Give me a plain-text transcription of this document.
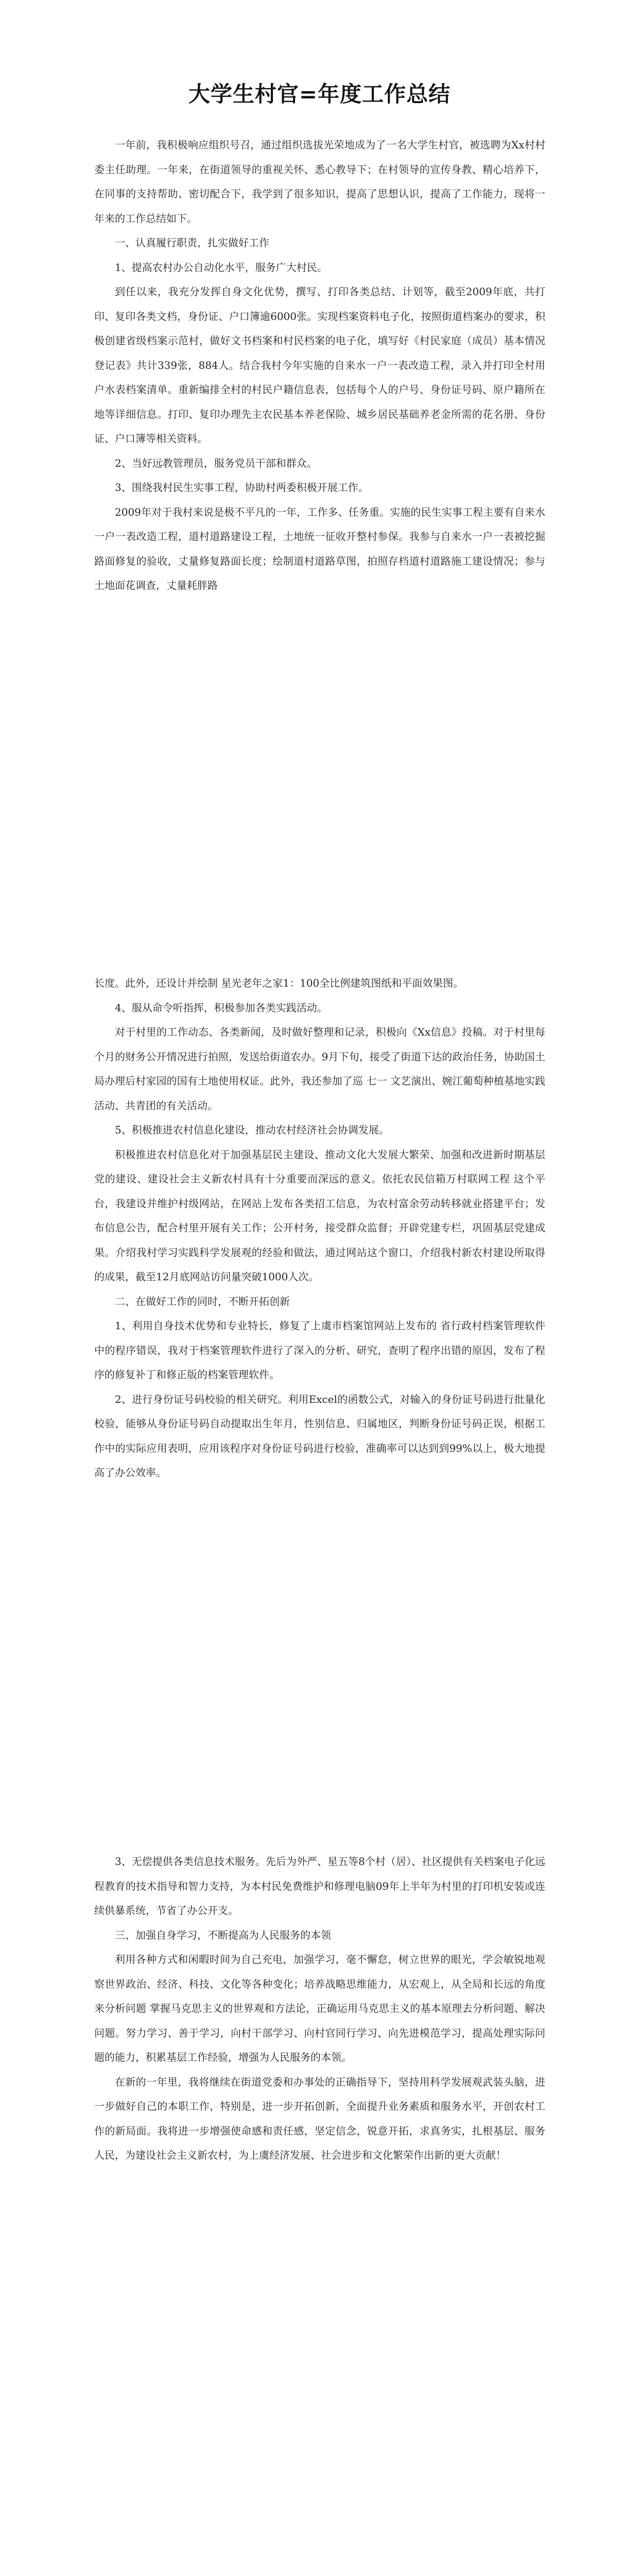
大学生村官=年度工作总结

一年前，我积极响应组织号召，通过组织选拔光荣地成为了一名大学生村官，被选聘为Xx村村委主任助理。一年来，在街道领导的重视关怀、悉心教导下；在村领导的宣传身教、精心培养下，在同事的支持帮助、密切配合下，我学到了很多知识，提高了思想认识，提高了工作能力，现将一年来的工作总结如下。

一、认真履行职责，扎实做好工作

1、提高农村办公自动化水平，服务广大村民。

到任以来，我充分发挥自身文化优势，撰写、打印各类总结、计划等，截至2009年底，共打印、复印各类文档，身份证、户口簿逾6000张。实现档案资料电子化，按照街道档案办的要求，积极创建省级档案示范村，做好文书档案和村民档案的电子化，填写好《村民家庭（成员）基本情况登记表》共计339张，884人。结合我村今年实施的自来水一户一表改造工程，录入并打印全村用户水表档案清单。重新编排全村的村民户籍信息表，包括每个人的户号、身份证号码、原户籍所在地等详细信息。打印、复印办理先主农民基本养老保险、城乡居民基础养老金所需的花名册、身份证、户口簿等相关资料。

2、当好远教管理员，服务党员干部和群众。

3、围绕我村民生实事工程，协助村两委积极开展工作。

2009年对于我村来说是极不平凡的一年，工作多、任务重。实施的民生实事工程主要有自来水一户一表改造工程，道村道路建设工程，土地统一征收开整村参保。我参与自来水一户一表被挖掘路面修复的验收，丈量修复路面长度；绘制道村道路草图，拍照存档道村道路施工建设情况；参与土地面花调查，丈量耗胖路

长度。此外，还设计并绘制 星光老年之家1：100全比例建筑图纸和平面效果图。

4、服从命令听指挥，积极参加各类实践活动。

对于村里的工作动态、各类新闻，及时做好整理和记录，积极向《Xx信息》投稿。对于村里每个月的财务公开情况进行拍照，发送给街道农办。9月下旬，接受了街道下达的政治任务，协助国土局办理后村家园的国有土地使用权证。此外，我还参加了巡 七一 文艺演出、婉江葡萄种植基地实践活动、共青团的有关活动。

5、积极推进农村信息化建设，推动农村经济社会协调发展。

积极推进农村信息化对于加强基层民主建设、推动文化大发展大繁荣、加强和改进新时期基层党的建设、建设社会主义新农村具有十分重要而深远的意义。依托农民信箱万村联网工程 这个平台，我建设并维护村级网站，在网站上发布各类招工信息，为农村富余劳动转移就业搭建平台；发布信息公告，配合村里开展有关工作；公开村务，接受群众监督；开辟党建专栏，巩固基层党建成果。介绍我村学习实践科学发展观的经验和做法，通过网站这个窗口，介绍我村新农村建设所取得的成果，截至12月底网站访问量突破1000人次。

二、在做好工作的同时，不断开拓创新

1、利用自身技术优势和专业特长，修复了上虞市档案馆网站上发布的 省行政村档案管理软件 中的程序错误，我对于档案管理软件进行了深入的分析、研究，查明了程序出错的原因，发布了程序的修复补丁和修正版的档案管理软件。

2、进行身份证号码校验的相关研究。利用Excel的函数公式，对输入的身份证号码进行批量化校验，能够从身份证号码自动提取出生年月，性别信息、归属地区，判断身份证号码正误，根据工作中的实际应用表明，应用该程序对身份证号码进行校验，准确率可以达到到99%以上，极大地提高了办公效率。

3、无偿提供各类信息技术服务。先后为外严、星五等8个村（居）、社区提供有关档案电子化远程教育的技术指导和智力支持，为本村民免费维护和修理电脑09年上半年为村里的打印机安装或连续供暴系统，节省了办公开支。

三、加强自身学习，不断提高为人民服务的本领

利用各种方式和闲暇时间为自己充电，加强学习，毫不懈怠，树立世界的眼光，学会敏锐地观察世界政治、经济、科技、文化等各种变化；培养战略思维能力，从宏观上，从全局和长远的角度来分析问题 掌握马克思主义的世界观和方法论，正确运用马克思主义的基本原理去分析问题、解决问题。努力学习、善于学习，向村干部学习、向村官同行学习、向先进模范学习，提高处理实际问题的能力，积累基层工作经验，增强为人民服务的本领。

在新的一年里，我将继续在街道党委和办事处的正确指导下，坚持用科学发展观武装头脑，进一步做好自己的本职工作，特别是，进一步开拓创新，全面提升业务素质和服务水平，开创农村工作的新局面。我将进一步增强使命感和责任感，坚定信念，锐意开拓，求真务实，扎根基层、服务人民，为建设社会主义新农村，为上虞经济发展、社会进步和文化繁荣作出新的更大贡献！
